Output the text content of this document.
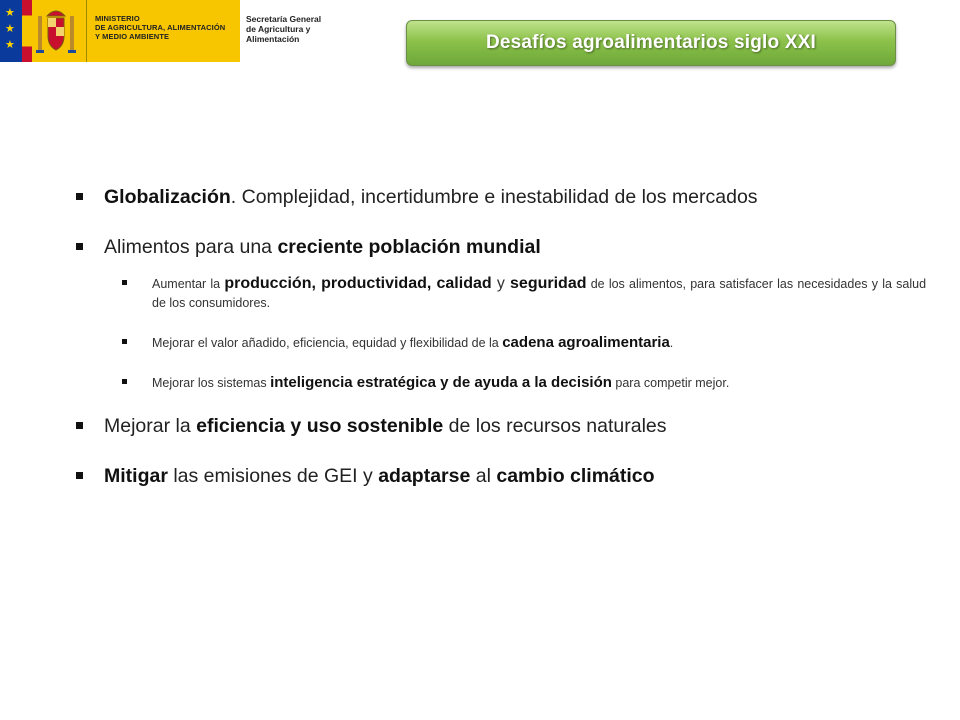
★
★
★
MINISTERIO
DE AGRICULTURA, ALIMENTACIÓN
Y MEDIO AMBIENTE
Secretaría General
de Agricultura y
Alimentación	Desafíos agroalimentarios siglo XXI
Globalización. Complejidad, incertidumbre e inestabilidad de los mercados
Alimentos para una creciente población mundial
Aumentar la producción, productividad, calidad y seguridad de los alimentos, para satisfacer las necesidades y la salud de los consumidores.
Mejorar el valor añadido, eficiencia, equidad y flexibilidad de la cadena agroalimentaria.
Mejorar los sistemas inteligencia estratégica y de ayuda a la decisión para competir mejor.
Mejorar la eficiencia y uso sostenible de los recursos naturales
Mitigar las emisiones de GEI y adaptarse al cambio climático
